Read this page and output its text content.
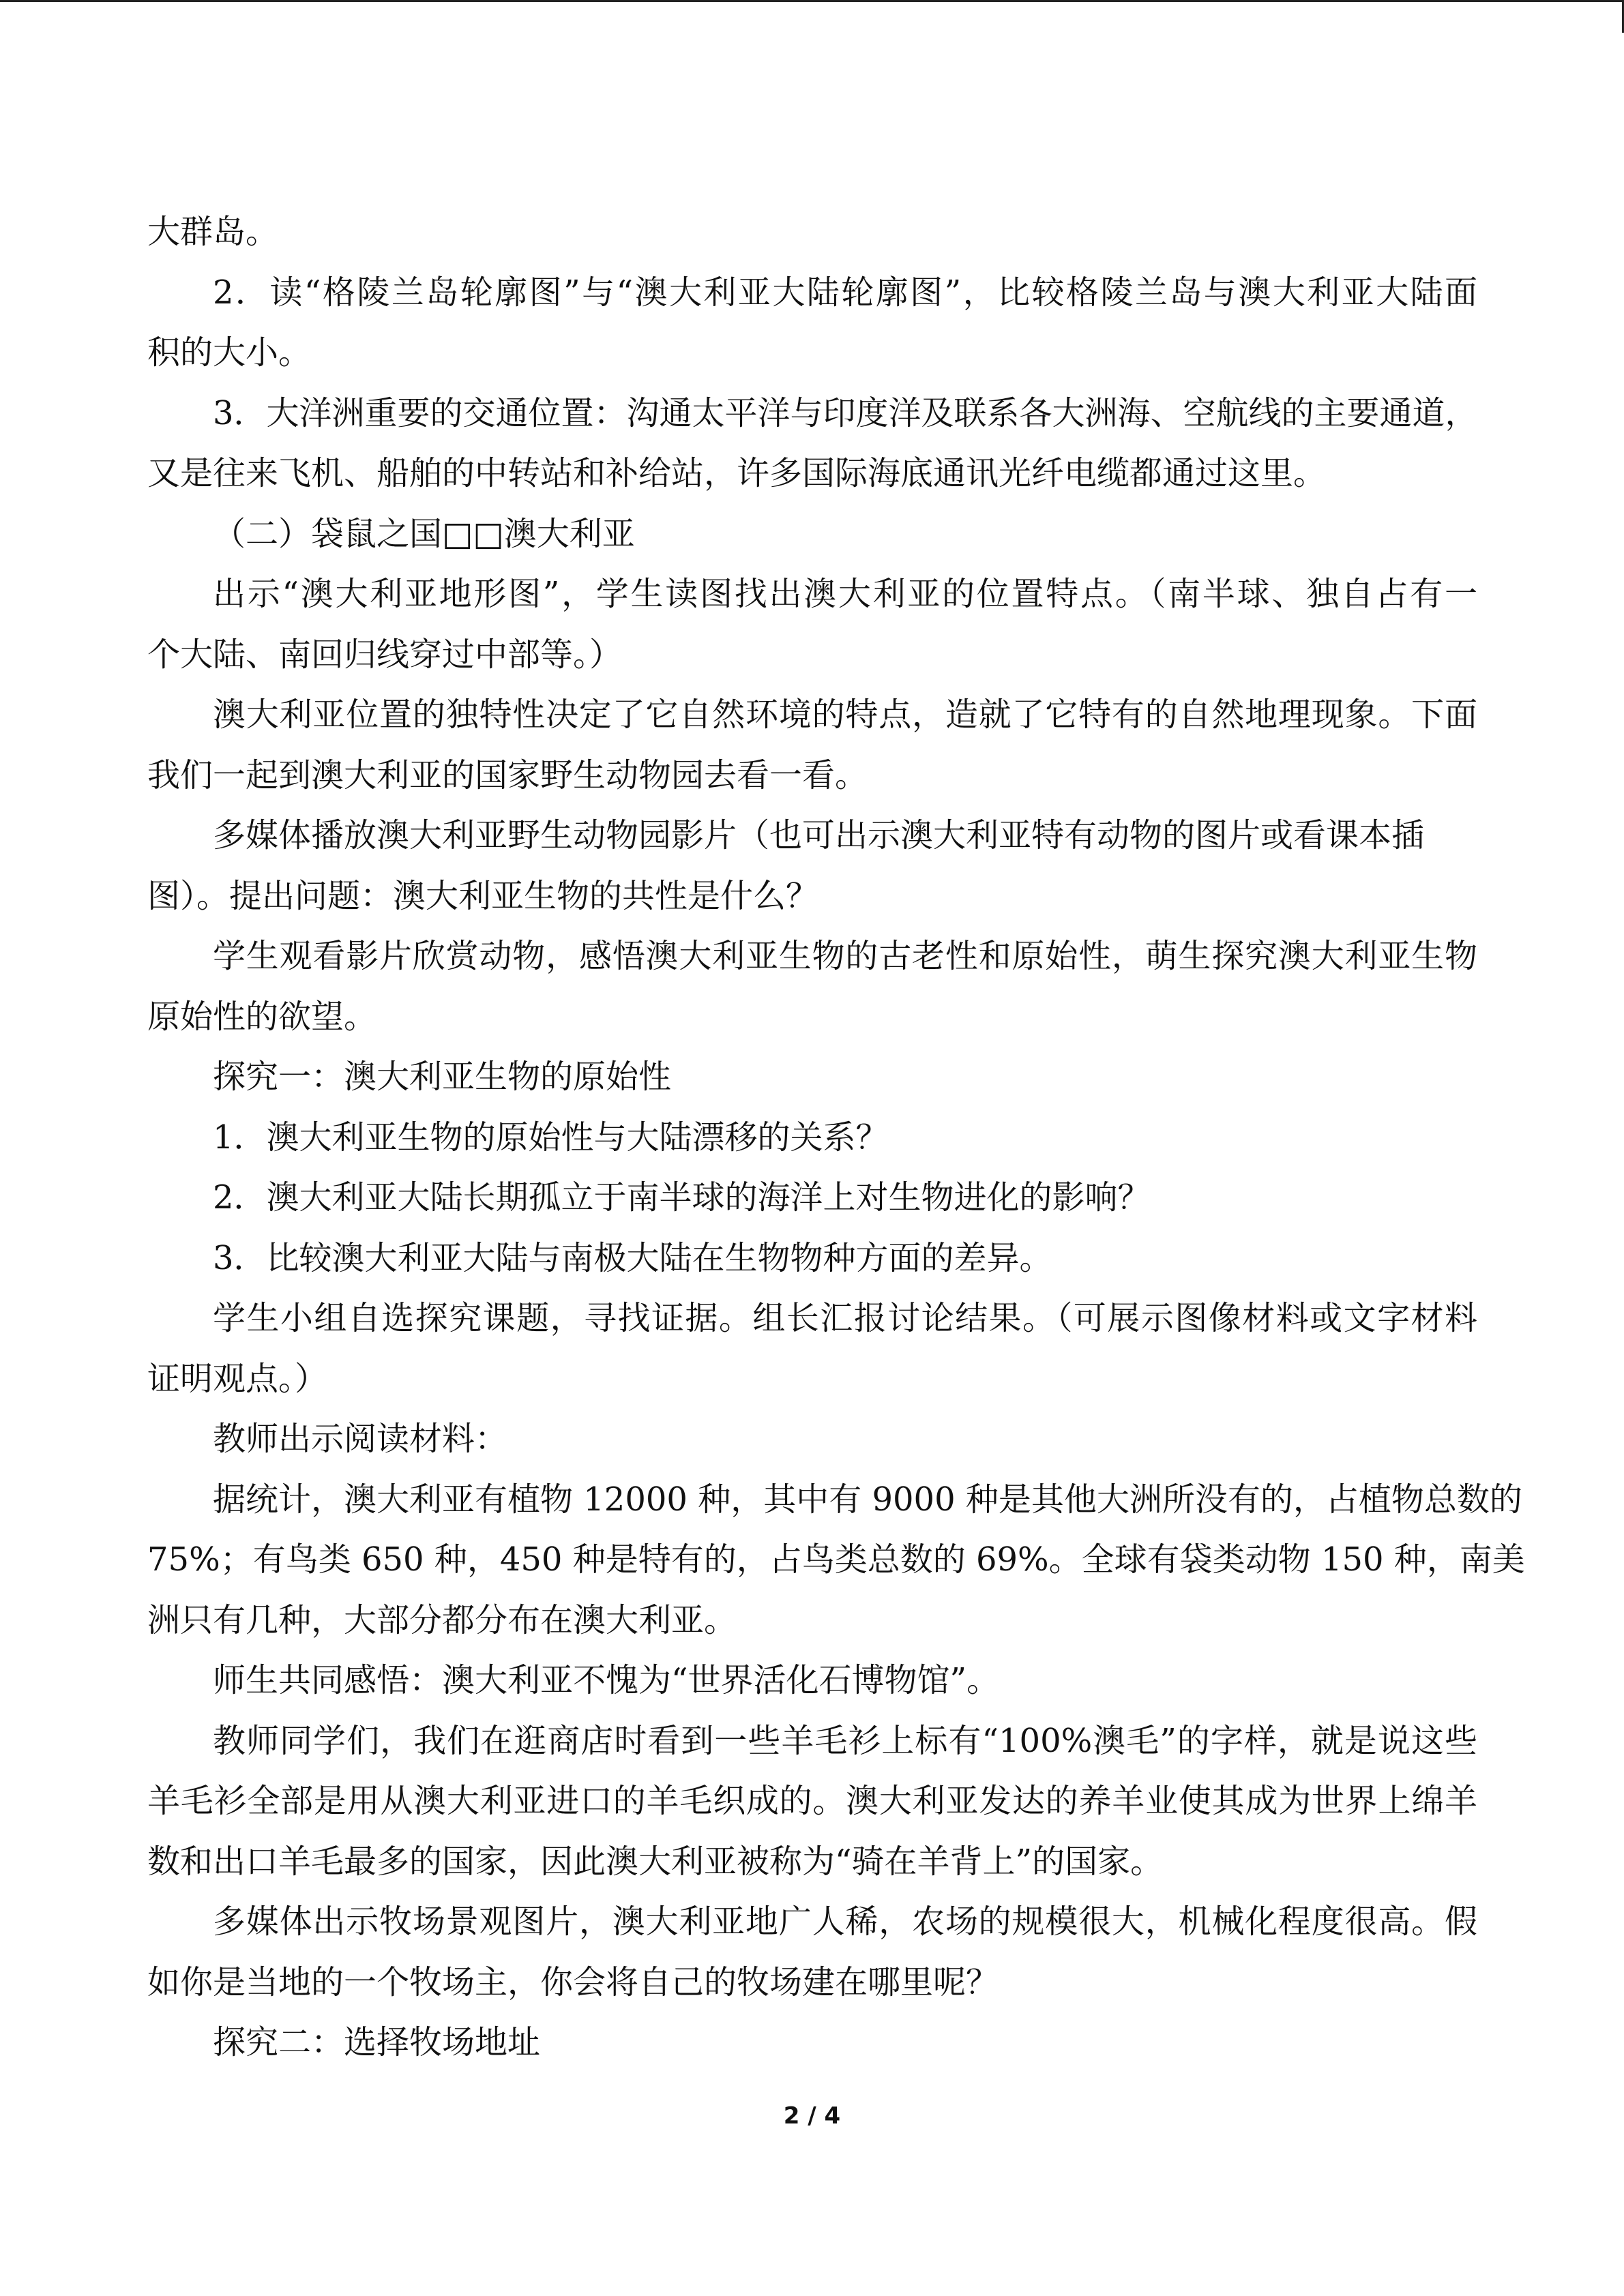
大群岛。
2．读“格陵兰岛轮廓图”与“澳大利亚大陆轮廓图”，比较格陵兰岛与澳大利亚大陆面
积的大小。
3．大洋洲重要的交通位置：沟通太平洋与印度洋及联系各大洲海、空航线的主要通道，
又是往来飞机、船舶的中转站和补给站，许多国际海底通讯光纤电缆都通过这里。
（二）袋鼠之国□□澳大利亚
出示“澳大利亚地形图”，学生读图找出澳大利亚的位置特点。（南半球、独自占有一
个大陆、南回归线穿过中部等。）
澳大利亚位置的独特性决定了它自然环境的特点，造就了它特有的自然地理现象。下面
我们一起到澳大利亚的国家野生动物园去看一看。
多媒体播放澳大利亚野生动物园影片（也可出示澳大利亚特有动物的图片或看课本插
图）。提出问题：澳大利亚生物的共性是什么？
学生观看影片欣赏动物，感悟澳大利亚生物的古老性和原始性，萌生探究澳大利亚生物
原始性的欲望。
探究一：澳大利亚生物的原始性
1．澳大利亚生物的原始性与大陆漂移的关系？
2．澳大利亚大陆长期孤立于南半球的海洋上对生物进化的影响？
3．比较澳大利亚大陆与南极大陆在生物物种方面的差异。
学生小组自选探究课题，寻找证据。组长汇报讨论结果。（可展示图像材料或文字材料
证明观点。）
教师出示阅读材料：
据统计，澳大利亚有植物 12000 种，其中有 9000 种是其他大洲所没有的，占植物总数的
75%；有鸟类 650 种，450 种是特有的，占鸟类总数的 69%。全球有袋类动物 150 种，南美
洲只有几种，大部分都分布在澳大利亚。
师生共同感悟：澳大利亚不愧为“世界活化石博物馆”。
教师同学们，我们在逛商店时看到一些羊毛衫上标有“100%澳毛”的字样，就是说这些
羊毛衫全部是用从澳大利亚进口的羊毛织成的。澳大利亚发达的养羊业使其成为世界上绵羊
数和出口羊毛最多的国家，因此澳大利亚被称为“骑在羊背上”的国家。
多媒体出示牧场景观图片，澳大利亚地广人稀，农场的规模很大，机械化程度很高。假
如你是当地的一个牧场主，你会将自己的牧场建在哪里呢？
探究二：选择牧场地址
2 / 4
